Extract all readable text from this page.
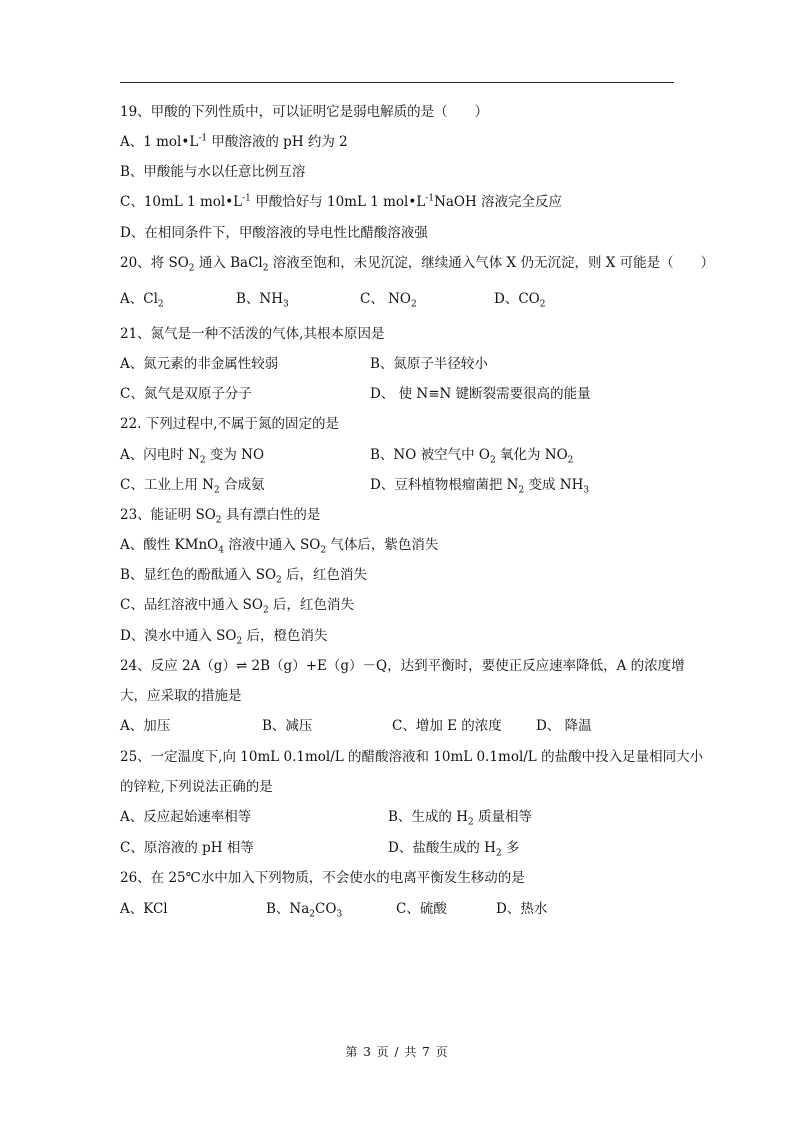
19、甲酸的下列性质中，可以证明它是弱电解质的是（　　）
A、1 $mol•L^{-1}$ 甲酸溶液的 pH 约为 2
B、甲酸能与水以任意比例互溶
C、10mL 1 $mol•L^{-1}$ 甲酸恰好与 10mL 1 $mol•L^{-1}NaOH$ 溶液完全反应
D、在相同条件下，甲酸溶液的导电性比醋酸溶液强
20、将 $SO_2$ 通入 BaCl$_2$ 溶液至饱和，未见沉淀，继续通入气体 X 仍无沉淀，则 X 可能是（　　）
A、$Cl_2$	B、$NH_3$	C、 $NO_2$	D、$CO_2$
21、氮气是一种不活泼的气体,其根本原因是
A、氮元素的非金属性较弱	B、氮原子半径较小
C、氮气是双原子分子	D、 使 N≡N 键断裂需要很高的能量
22. 下列过程中,不属于氮的固定的是
A、闪电时 $N_2$ 变为 NO	B、NO 被空气中 $O_2$ 氧化为 $NO_2$
C、工业上用 $N_2$ 合成氨	D、豆科植物根瘤菌把 $N_2$ 变成 $NH_3$
23、能证明 $SO_2$ 具有漂白性的是
A、酸性 KMnO$_4$ 溶液中通入 $SO_2$ 气体后，紫色消失
B、显红色的酚酞通入 $SO_2$ 后，红色消失
C、品红溶液中通入 $SO_2$ 后，红色消失
D、溴水中通入 $SO_2$ 后，橙色消失
24、反应 2A（g）⇌ 2B（g）+E（g）－Q，达到平衡时，要使正反应速率降低，A 的浓度增
大，应采取的措施是
A、加压	B、减压	C、增加 E 的浓度	D、 降温
25、一定温度下,向 10mL 0.1mol/L 的醋酸溶液和 10mL 0.1mol/L 的盐酸中投入足量相同大小
的锌粒,下列说法正确的是
A、反应起始速率相等	B、生成的 $H_2$ 质量相等
C、原溶液的 pH 相等	D、盐酸生成的 $H_2$ 多
26、在 25℃水中加入下列物质，不会使水的电离平衡发生移动的是
A、KCl	B、$Na_2CO_3$	C、硫酸	D、热水
第 3 页 / 共 7 页
